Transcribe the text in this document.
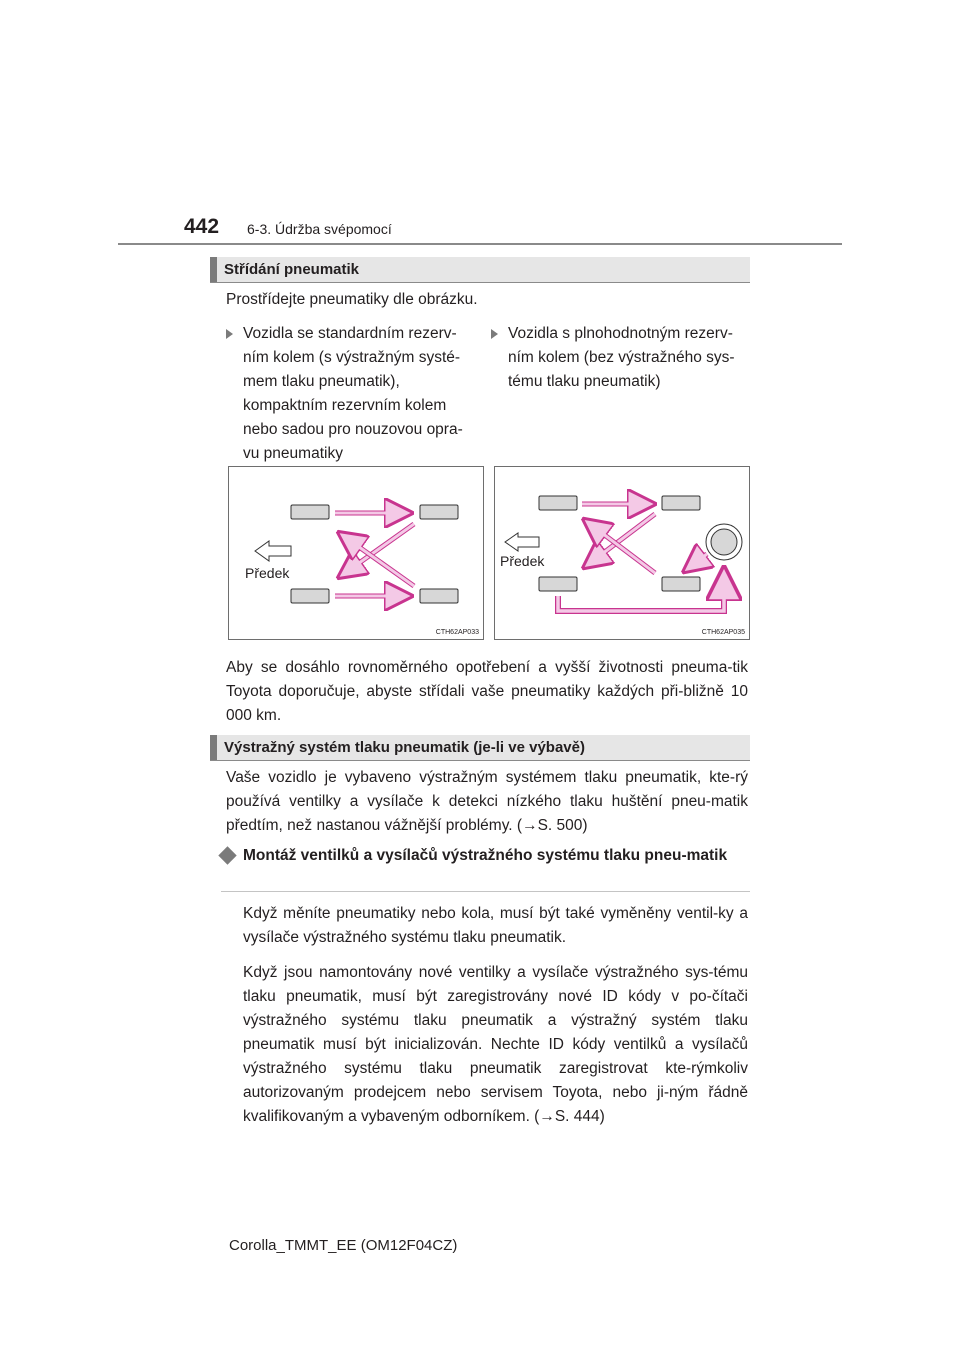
442 6-3. Údržba svépomocí
Střídání pneumatik
Prostřídejte pneumatiky dle obrázku.
Vozidla se standardním rezerv-
ním kolem (s výstražným systé-
mem tlaku pneumatik),
kompaktním rezervním kolem
nebo sadou pro nouzovou opra-
vu pneumatiky
Vozidla s plnohodnotným rezerv-
ním kolem (bez výstražného sys-
tému tlaku pneumatik)
Předek
CTH62AP033
Předek
CTH62AP035
Aby se dosáhlo rovnoměrného opotřebení a vyšší životnosti pneuma-tik Toyota doporučuje, abyste střídali vaše pneumatiky každých při-bližně 10 000 km.
Výstražný systém tlaku pneumatik (je-li ve výbavě)
Vaše vozidlo je vybaveno výstražným systémem tlaku pneumatik, kte-rý používá ventilky a vysílače k detekci nízkého tlaku huštění pneu-matik předtím, než nastanou vážnější problémy. (→S. 500)
Montáž ventilků a vysílačů výstražného systému tlaku pneu-matik
Když měníte pneumatiky nebo kola, musí být také vyměněny ventil-ky a vysílače výstražného systému tlaku pneumatik.
Když jsou namontovány nové ventilky a vysílače výstražného sys-tému tlaku pneumatik, musí být zaregistrovány nové ID kódy v po-čítači výstražného systému tlaku pneumatik a výstražný systém tlaku pneumatik musí být inicializován. Nechte ID kódy ventilků a vysílačů výstražného systému tlaku pneumatik zaregistrovat kte-rýmkoliv autorizovaným prodejcem nebo servisem Toyota, nebo ji-ným řádně kvalifikovaným a vybaveným odborníkem. (→S. 444)
Corolla_TMMT_EE (OM12F04CZ)
